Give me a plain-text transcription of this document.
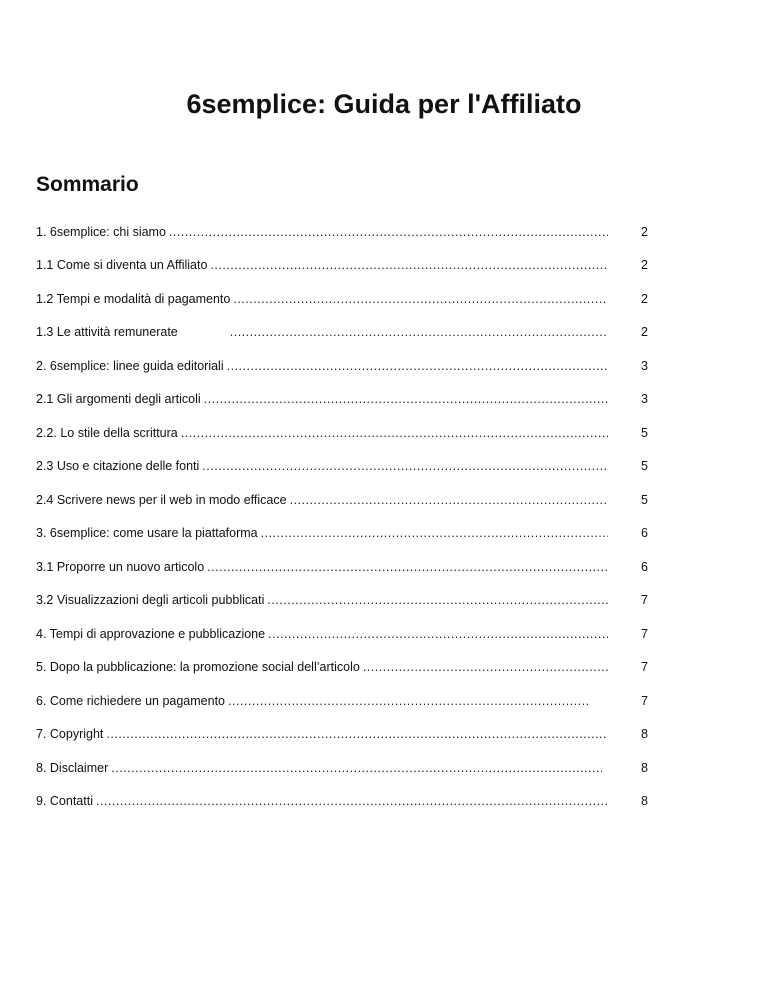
6semplice: Guida per l'Affiliato
Sommario
1. 6semplice: chi siamo .....	2
1.1 Come si diventa un Affiliato .....	2
1.2 Tempi e modalità di pagamento .....	2
1.3 Le attività remunerate .....	2
2. 6semplice: linee guida editoriali .....	3
2.1 Gli argomenti degli articoli .....	3
2.2. Lo stile della scrittura .....	5
2.3 Uso e citazione delle fonti .....	5
2.4 Scrivere news per il web in modo efficace .....	5
3. 6semplice: come usare la piattaforma .....	6
3.1 Proporre un nuovo articolo .....	6
3.2 Visualizzazioni degli articoli pubblicati .....	7
4. Tempi di approvazione e pubblicazione .....	7
5. Dopo la pubblicazione: la promozione social dell’articolo .....	7
6. Come richiedere un pagamento .....	7
7. Copyright .....	8
8. Disclaimer .....	8
9. Contatti .....	8
